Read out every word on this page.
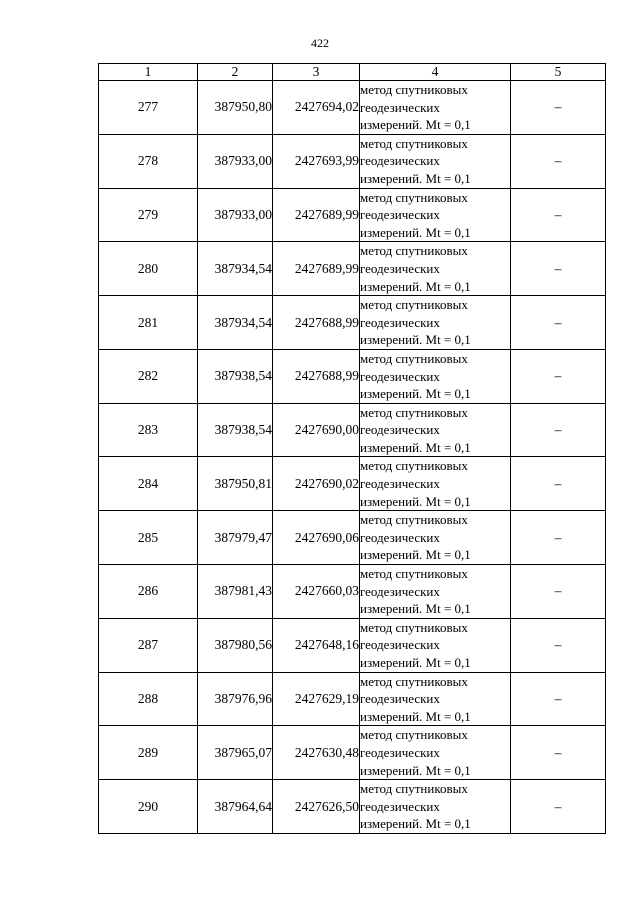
422
1	2	3	4	5
277	387950,80	2427694,02	метод спутниковых
геодезических
измерений. Mt = 0,1	–
278	387933,00	2427693,99	метод спутниковых
геодезических
измерений. Mt = 0,1	–
279	387933,00	2427689,99	метод спутниковых
геодезических
измерений. Mt = 0,1	–
280	387934,54	2427689,99	метод спутниковых
геодезических
измерений. Mt = 0,1	–
281	387934,54	2427688,99	метод спутниковых
геодезических
измерений. Mt = 0,1	–
282	387938,54	2427688,99	метод спутниковых
геодезических
измерений. Mt = 0,1	–
283	387938,54	2427690,00	метод спутниковых
геодезических
измерений. Mt = 0,1	–
284	387950,81	2427690,02	метод спутниковых
геодезических
измерений. Mt = 0,1	–
285	387979,47	2427690,06	метод спутниковых
геодезических
измерений. Mt = 0,1	–
286	387981,43	2427660,03	метод спутниковых
геодезических
измерений. Mt = 0,1	–
287	387980,56	2427648,16	метод спутниковых
геодезических
измерений. Mt = 0,1	–
288	387976,96	2427629,19	метод спутниковых
геодезических
измерений. Mt = 0,1	–
289	387965,07	2427630,48	метод спутниковых
геодезических
измерений. Mt = 0,1	–
290	387964,64	2427626,50	метод спутниковых
геодезических
измерений. Mt = 0,1	–
